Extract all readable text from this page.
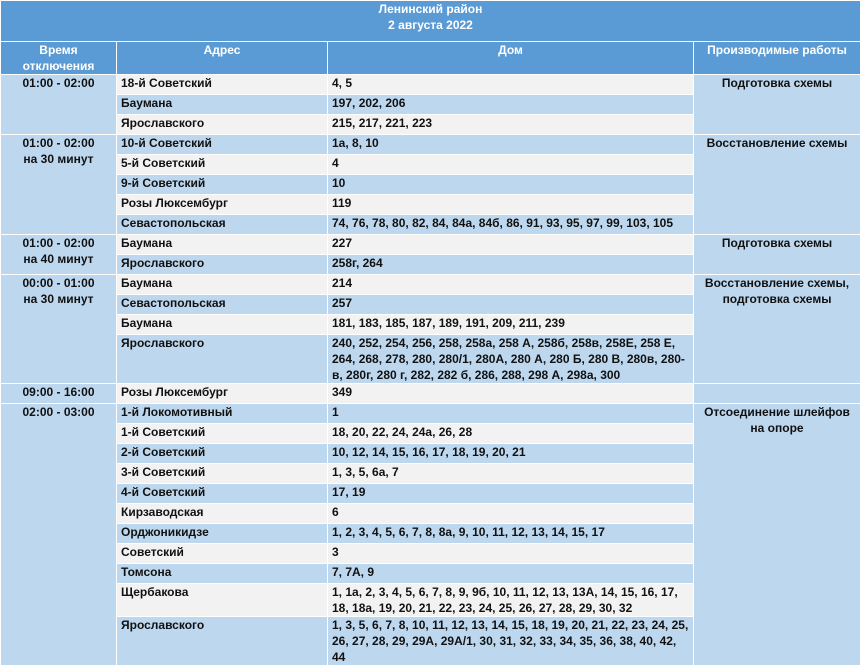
Ленинский район
2 августа 2022			

Время отключения	Адрес	Дом	Производимые работы
01:00 - 02:00	18-й Советский	4, 5	Подготовка схемы
	Баумана	197, 202, 206	
	Ярославского	215, 217, 221, 223	
01:00 - 02:00
на 30 минут	10-й Советский	1а, 8, 10	Восстановление схемы
	5-й Советский	4	
	9-й Советский	10	
	Розы Люксембург	119	
	Севастопольская	74, 76, 78, 80, 82, 84, 84а, 84б, 86, 91, 93, 95, 97, 99, 103, 105	
01:00 - 02:00
на 40 минут	Баумана	227	Подготовка схемы
	Ярославского	258г, 264	
00:00 - 01:00
на 30 минут	Баумана	214	Восстановление схемы,
подготовка схемы
	Севастопольская	257	
	Баумана	181, 183, 185, 187, 189, 191, 209, 211, 239	
	Ярославского	240, 252, 254, 256, 258, 258а, 258 А, 258б, 258в, 258Е, 258 Е,
264, 268, 278, 280, 280/1, 280А, 280 А, 280 Б, 280 В, 280в, 280-
в, 280г, 280 г, 282, 282 б, 286, 288, 298 А, 298а, 300	
09:00 - 16:00	Розы Люксембург	349	
02:00 - 03:00	1-й Локомотивный	1	Отсоединение шлейфов
на опоре
	1-й Советский	18, 20, 22, 24, 24а, 26, 28	
	2-й Советский	10, 12, 14, 15, 16, 17, 18, 19, 20, 21	
	3-й Советский	1, 3, 5, 6а, 7	
	4-й Советский	17, 19	
	Кирзаводская	6	
	Орджоникидзе	1, 2, 3, 4, 5, 6, 7, 8, 8а, 9, 10, 11, 12, 13, 14, 15, 17	
	Советский	3	
	Томсона	7, 7А, 9	
	Щербакова	1, 1а, 2, 3, 4, 5, 6, 7, 8, 9, 9б, 10, 11, 12, 13, 13А, 14, 15, 16, 17,
18, 18а, 19, 20, 21, 22, 23, 24, 25, 26, 27, 28, 29, 30, 32	
	Ярославского	1, 3, 5, 6, 7, 8, 10, 11, 12, 13, 14, 15, 18, 19, 20, 21, 22, 23, 24, 25,
26, 27, 28, 29, 29А, 29А/1, 30, 31, 32, 33, 34, 35, 36, 38, 40, 42, 44	
